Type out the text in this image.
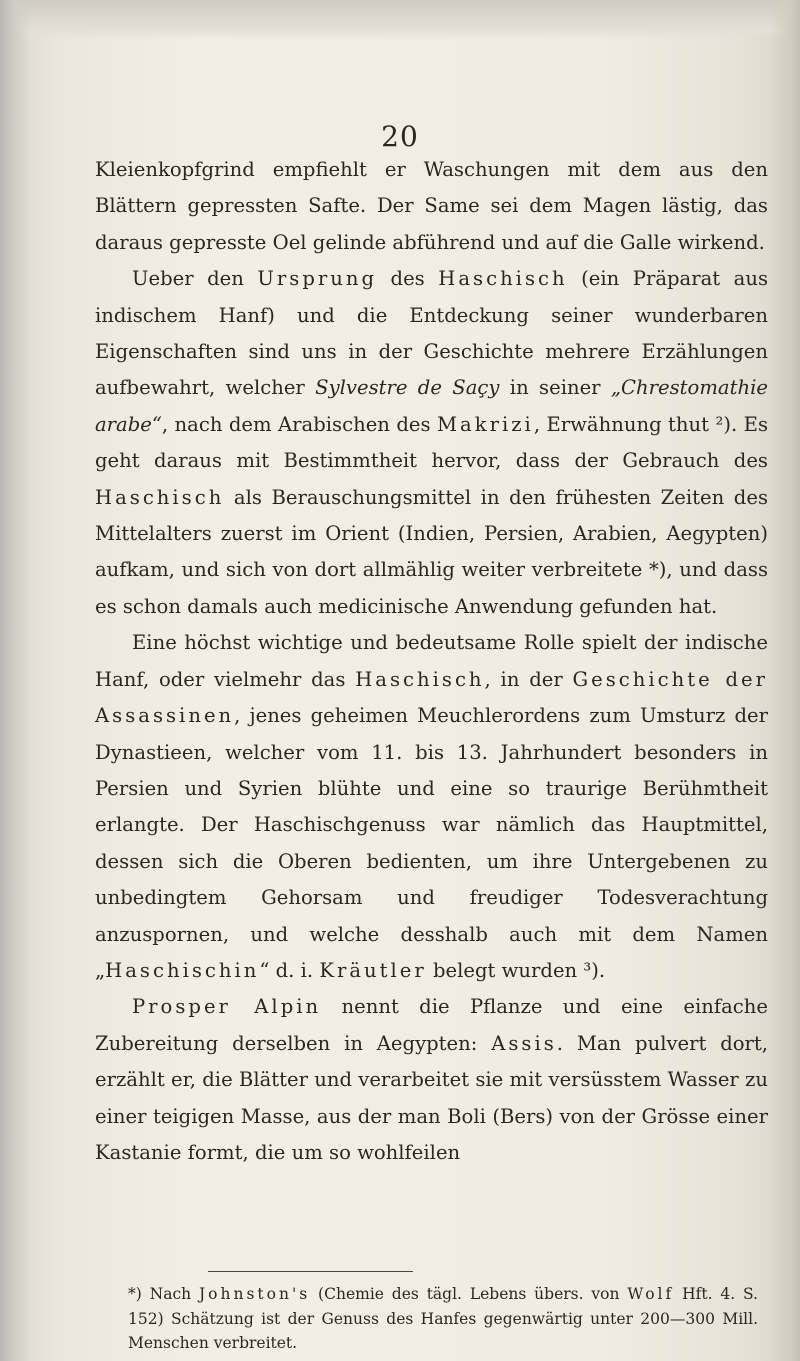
20

Kleienkopfgrind empfiehlt er Waschungen mit dem aus den Blättern gepressten Safte. Der Same sei dem Magen lästig, das daraus gepresste Oel gelinde abführend und auf die Galle wirkend.

Ueber den Ursprung des Haschisch (ein Präparat aus indischem Hanf) und die Entdeckung seiner wunderbaren Eigenschaften sind uns in der Geschichte mehrere Erzählungen aufbewahrt, welcher Sylvestre de Saçy in seiner „Chrestomathie arabe“, nach dem Arabischen des Makrizi, Erwähnung thut ²). Es geht daraus mit Bestimmtheit hervor, dass der Gebrauch des Haschisch als Berauschungsmittel in den frühesten Zeiten des Mittelalters zuerst im Orient (Indien, Persien, Arabien, Aegypten) aufkam, und sich von dort allmählig weiter verbreitete *), und dass es schon damals auch medicinische Anwendung gefunden hat.

Eine höchst wichtige und bedeutsame Rolle spielt der indische Hanf, oder vielmehr das Haschisch, in der Geschichte der Assassinen, jenes geheimen Meuchlerordens zum Umsturz der Dynastieen, welcher vom 11. bis 13. Jahrhundert besonders in Persien und Syrien blühte und eine so traurige Berühmtheit erlangte. Der Haschischgenuss war nämlich das Hauptmittel, dessen sich die Oberen bedienten, um ihre Untergebenen zu unbedingtem Gehorsam und freudiger Todesverachtung anzuspornen, und welche desshalb auch mit dem Namen „Haschischin“ d. i. Kräutler belegt wurden ³).

Prosper Alpin nennt die Pflanze und eine einfache Zubereitung derselben in Aegypten: Assis. Man pulvert dort, erzählt er, die Blätter und verarbeitet sie mit versüsstem Wasser zu einer teigigen Masse, aus der man Boli (Bers) von der Grösse einer Kastanie formt, die um so wohlfeilen

*) Nach Johnston's (Chemie des tägl. Lebens übers. von Wolf Hft. 4. S. 152) Schätzung ist der Genuss des Hanfes gegenwärtig unter 200—300 Mill. Menschen verbreitet.
